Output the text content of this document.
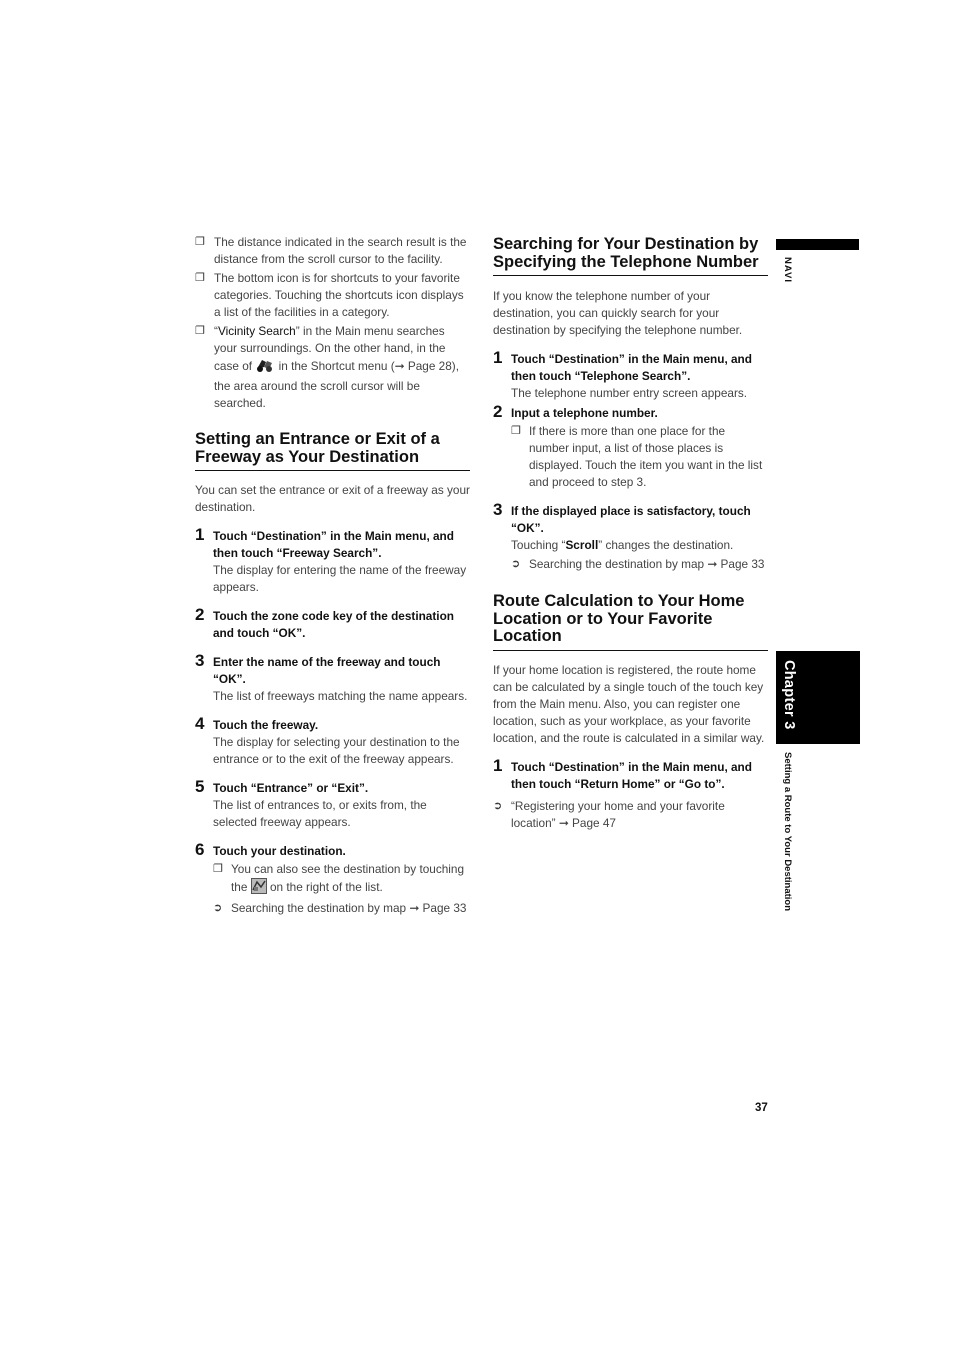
❐ The distance indicated in the search result is the distance from the scroll cursor to the facility.

❐ The bottom icon is for shortcuts to your favorite categories. Touching the shortcuts icon displays a list of the facilities in a category.

❐ “Vicinity Search” in the Main menu searches your surroundings. On the other hand, in the case of in the Shortcut menu (➞ Page 28), the area around the scroll cursor will be searched.

Setting an Entrance or Exit of a Freeway as Your Destination

You can set the entrance or exit of a freeway as your destination.

1 Touch “Destination” in the Main menu, and then touch “Freeway Search”.

The display for entering the name of the freeway appears.

2 Touch the zone code key of the destination and touch “OK”.

3 Enter the name of the freeway and touch “OK”.

The list of freeways matching the name appears.

4 Touch the freeway.

The display for selecting your destination to the entrance or to the exit of the freeway appears.

5 Touch “Entrance” or “Exit”.

The list of entrances to, or exits from, the selected freeway appears.

6 Touch your destination.

❐ You can also see the destination by touching the on the right of the list.

➲ Searching the destination by map ➞ Page 33

Searching for Your Destination by Specifying the Telephone Number

If you know the telephone number of your destination, you can quickly search for your destination by specifying the telephone number.

1 Touch “Destination” in the Main menu, and then touch “Telephone Search”.

The telephone number entry screen appears.

2 Input a telephone number.

❐ If there is more than one place for the number input, a list of those places is displayed. Touch the item you want in the list and proceed to step 3.

3 If the displayed place is satisfactory, touch “OK”.

Touching “Scroll” changes the destination.

➲ Searching the destination by map ➞ Page 33

Route Calculation to Your Home Location or to Your Favorite Location

If your home location is registered, the route home can be calculated by a single touch of the touch key from the Main menu. Also, you can register one location, such as your workplace, as your favorite location, and the route is calculated in a similar way.

1 Touch “Destination” in the Main menu, and then touch “Return Home” or “Go to”.

➲ “Registering your home and your favorite location” ➞ Page 47

NAVI
Chapter 3
Setting a Route to Your Destination
37
